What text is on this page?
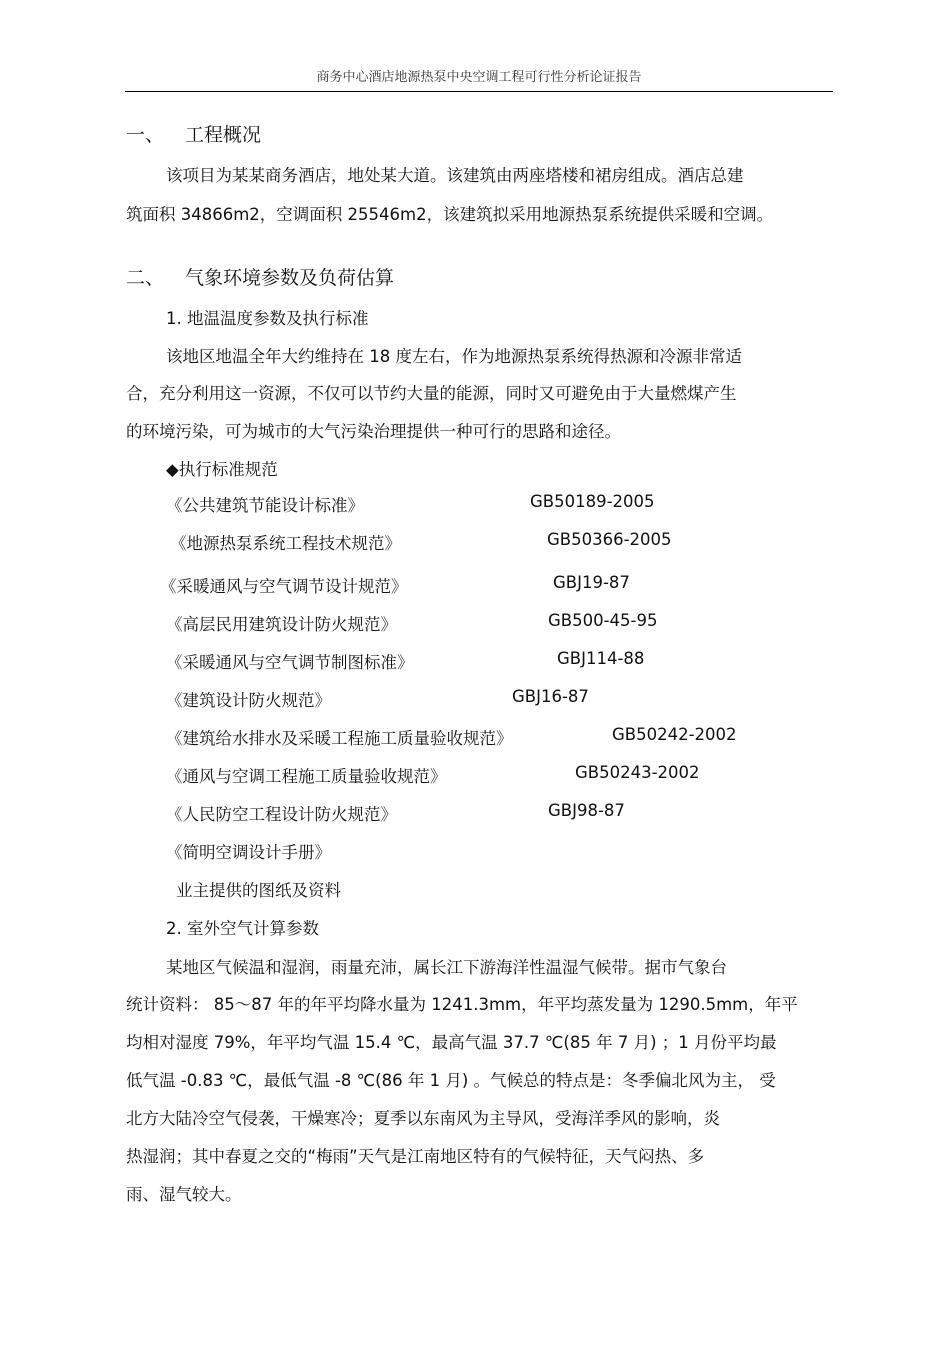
商务中心酒店地源热泵中央空调工程可行性分析论证报告
一、 工程概况
该项目为某某商务酒店，地处某大道。该建筑由两座塔楼和裙房组成。酒店总建
筑面积 34866m2，空调面积 25546m2，该建筑拟采用地源热泵系统提供采暖和空调。
二、 气象环境参数及负荷估算
1. 地温温度参数及执行标准
该地区地温全年大约维持在 18 度左右，作为地源热泵系统得热源和冷源非常适
合，充分利用这一资源，不仅可以节约大量的能源，同时又可避免由于大量燃煤产生
的环境污染，可为城市的大气污染治理提供一种可行的思路和途径。
◆执行标准规范
《公共建筑节能设计标准》	GB50189-2005
《地源热泵系统工程技术规范》	GB50366-2005
《采暖通风与空气调节设计规范》	GBJ19-87
《高层民用建筑设计防火规范》	GB500-45-95
《采暖通风与空气调节制图标准》	GBJ114-88
《建筑设计防火规范》	GBJ16-87
《建筑给水排水及采暖工程施工质量验收规范》	GB50242-2002
《通风与空调工程施工质量验收规范》	GB50243-2002
《人民防空工程设计防火规范》	GBJ98-87
《简明空调设计手册》
业主提供的图纸及资料
2. 室外空气计算参数
某地区气候温和湿润，雨量充沛，属长江下游海洋性温湿气候带。据市气象台
统计资料： 85～87 年的年平均降水量为 1241.3mm，年平均蒸发量为 1290.5mm，年平
均相对湿度 79%，年平均气温 15.4 ℃，最高气温 37.7 ℃(85 年 7 月) ；1 月份平均最
低气温 -0.83 ℃，最低气温 -8 ℃(86 年 1 月) 。气候总的特点是：冬季偏北风为主， 受
北方大陆冷空气侵袭，干燥寒冷；夏季以东南风为主导风，受海洋季风的影响，炎
热湿润；其中春夏之交的“梅雨”天气是江南地区特有的气候特征，天气闷热、多
雨、湿气较大。
